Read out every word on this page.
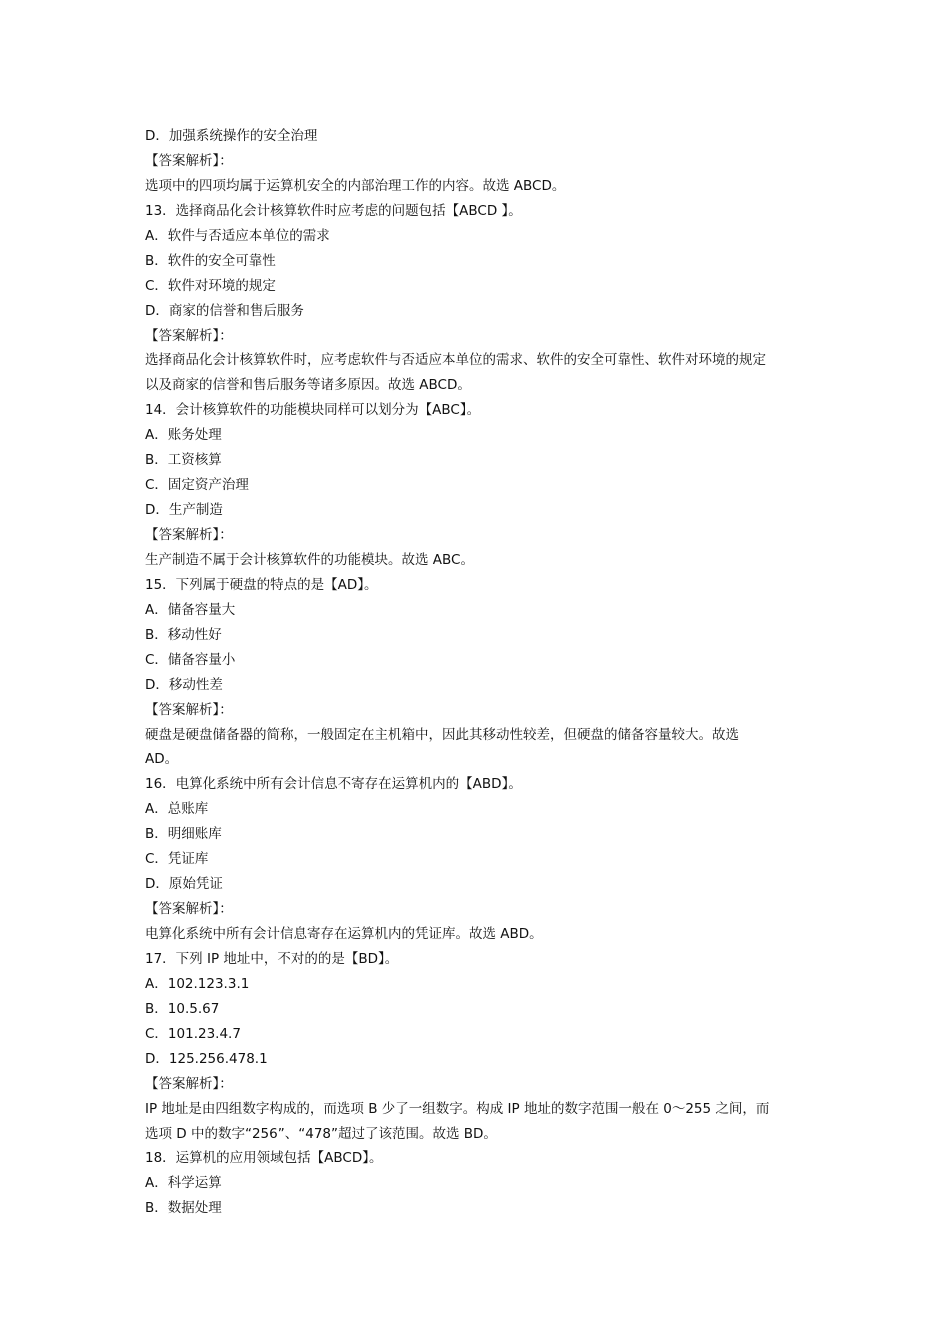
D．加强系统操作的安全治理
【答案解析】：
选项中的四项均属于运算机安全的内部治理工作的内容。故选 ABCD。
13．选择商品化会计核算软件时应考虑的问题包括【ABCD 】。
A．软件与否适应本单位的需求
B．软件的安全可靠性
C．软件对环境的规定
D．商家的信誉和售后服务
【答案解析】：
选择商品化会计核算软件时，应考虑软件与否适应本单位的需求、软件的安全可靠性、软件对环境的规定
以及商家的信誉和售后服务等诸多原因。故选 ABCD。
14．会计核算软件的功能模块同样可以划分为【ABC】。
A．账务处理
B．工资核算
C．固定资产治理
D．生产制造
【答案解析】：
生产制造不属于会计核算软件的功能模块。故选 ABC。
15．下列属于硬盘的特点的是【AD】。
A．储备容量大
B．移动性好
C．储备容量小
D．移动性差
【答案解析】：
硬盘是硬盘储备器的简称，一般固定在主机箱中，因此其移动性较差，但硬盘的储备容量较大。故选
AD。
16．电算化系统中所有会计信息不寄存在运算机内的【ABD】。
A．总账库
B．明细账库
C．凭证库
D．原始凭证
【答案解析】：
电算化系统中所有会计信息寄存在运算机内的凭证库。故选 ABD。
17．下列 IP 地址中，不对的的是【BD】。
A．102.123.3.1
B．10.5.67
C．101.23.4.7
D．125.256.478.1
【答案解析】：
IP 地址是由四组数字构成的，而选项 B 少了一组数字。构成 IP 地址的数字范围一般在 0～255 之间，而
选项 D 中的数字“256”、“478”超过了该范围。故选 BD。
18．运算机的应用领域包括【ABCD】。
A．科学运算
B．数据处理
